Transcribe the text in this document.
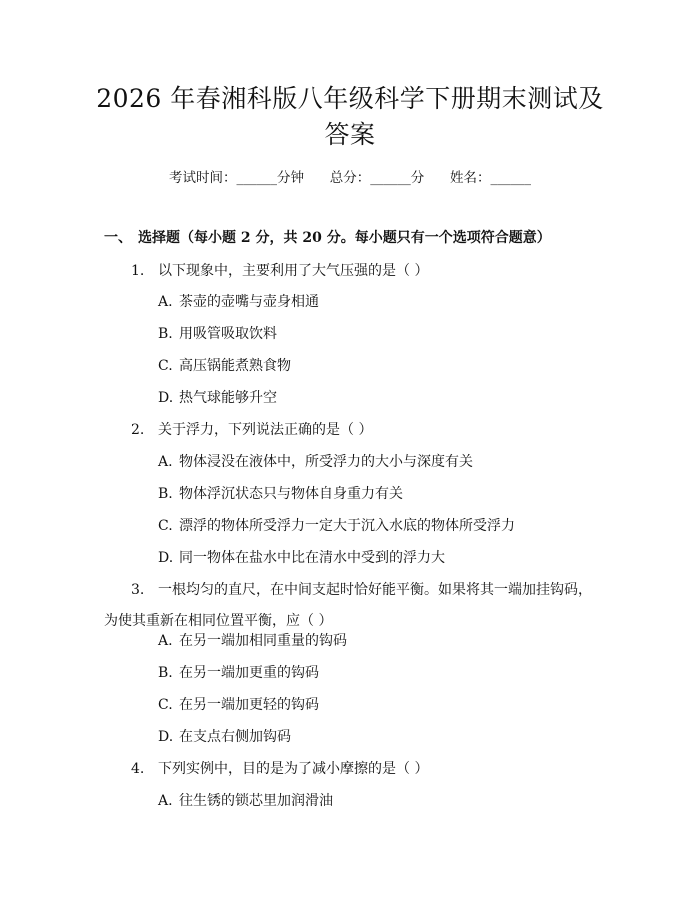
2026 年春湘科版八年级科学下册期末测试及
答案
考试时间：______分钟      总分：______分      姓名：______
一、 选择题（每小题 2 分，共 20 分。每小题只有一个选项符合题意）
1. 以下现象中，主要利用了大气压强的是（ ）
A. 茶壶的壶嘴与壶身相通
B. 用吸管吸取饮料
C. 高压锅能煮熟食物
D. 热气球能够升空
2. 关于浮力，下列说法正确的是（ ）
A. 物体浸没在液体中，所受浮力的大小与深度有关
B. 物体浮沉状态只与物体自身重力有关
C. 漂浮的物体所受浮力一定大于沉入水底的物体所受浮力
D. 同一物体在盐水中比在清水中受到的浮力大
3. 一根均匀的直尺，在中间支起时恰好能平衡。如果将其一端加挂钩码，为使其重新在相同位置平衡，应（ ）
A. 在另一端加相同重量的钩码
B. 在另一端加更重的钩码
C. 在另一端加更轻的钩码
D. 在支点右侧加钩码
4. 下列实例中，目的是为了减小摩擦的是（ ）
A. 往生锈的锁芯里加润滑油
